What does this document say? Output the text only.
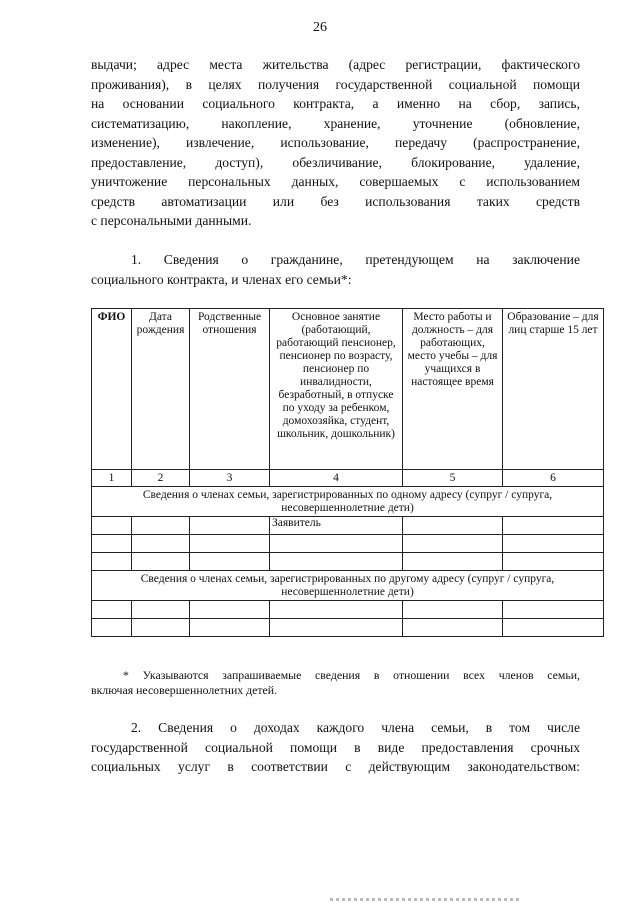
26
выдачи; адрес места жительства (адрес регистрации, фактического
проживания), в целях получения государственной социальной помощи
на основании социального контракта, а именно на сбор, запись,
систематизацию, накопление, хранение, уточнение (обновление,
изменение), извлечение, использование, передачу (распространение,
предоставление, доступ), обезличивание, блокирование, удаление,
уничтожение персональных данных, совершаемых с использованием
средств автоматизации или без использования таких средств
с персональными данными.
1. Сведения о гражданине, претендующем на заключение
социального контракта, и членах его семьи*:
ФИО	Дата рождения	Родственные отношения	Основное занятие (работающий, работающий пенсионер, пенсионер по возрасту, пенсионер по инвалидности, безработный, в отпуске по уходу за ребенком, домохозяйка, студент, школьник, дошкольник)	Место работы и должность – для работающих, место учебы – для учащихся в настоящее время	Образование – для лиц старше 15 лет
1	2	3	4	5	6
Сведения о членах семьи, зарегистрированных по одному адресу (супруг / супруга, несовершеннолетние дети)					
			Заявитель		

Сведения о членах семьи, зарегистрированных по другому адресу (супруг / супруга, несовершеннолетние дети)					

* Указываются запрашиваемые сведения в отношении всех членов семьи,
включая несовершеннолетних детей.
2. Сведения о доходах каждого члена семьи, в том числе
государственной социальной помощи в виде предоставления срочных
социальных услуг в соответствии с действующим законодательством:
